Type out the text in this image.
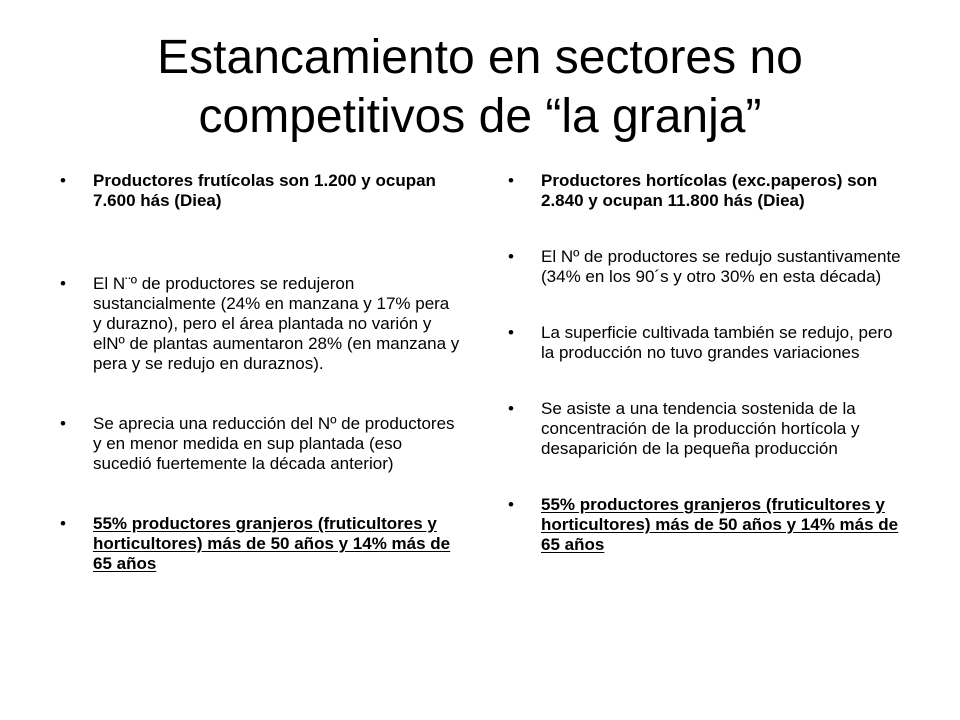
Estancamiento en sectores no competitivos de “la granja”
•	Productores frutícolas son 1.200 y ocupan 7.600 hás (Diea)
•	El N¨º de productores se redujeron sustancialmente (24% en manzana y 17% pera y durazno), pero el área plantada no varión y elNº de plantas aumentaron 28% (en manzana y pera y se redujo en duraznos).
•	Se aprecia una reducción del Nº de productores y en menor medida en sup plantada (eso sucedió fuertemente la década anterior)
•	55% productores granjeros (fruticultores y horticultores) más de 50 años y 14% más de 65 años
•	Productores hortícolas (exc.paperos) son 2.840 y ocupan 11.800 hás (Diea)
•	El Nº de productores se redujo sustantivamente (34% en los 90´s y otro 30% en esta década)
•	La superficie cultivada también se redujo, pero la producción no tuvo grandes variaciones
•	Se asiste a una tendencia sostenida de la concentración de la producción hortícola y desaparición de la pequeña producción
•	55% productores granjeros (fruticultores y horticultores) más de 50 años y 14% más de 65 años
